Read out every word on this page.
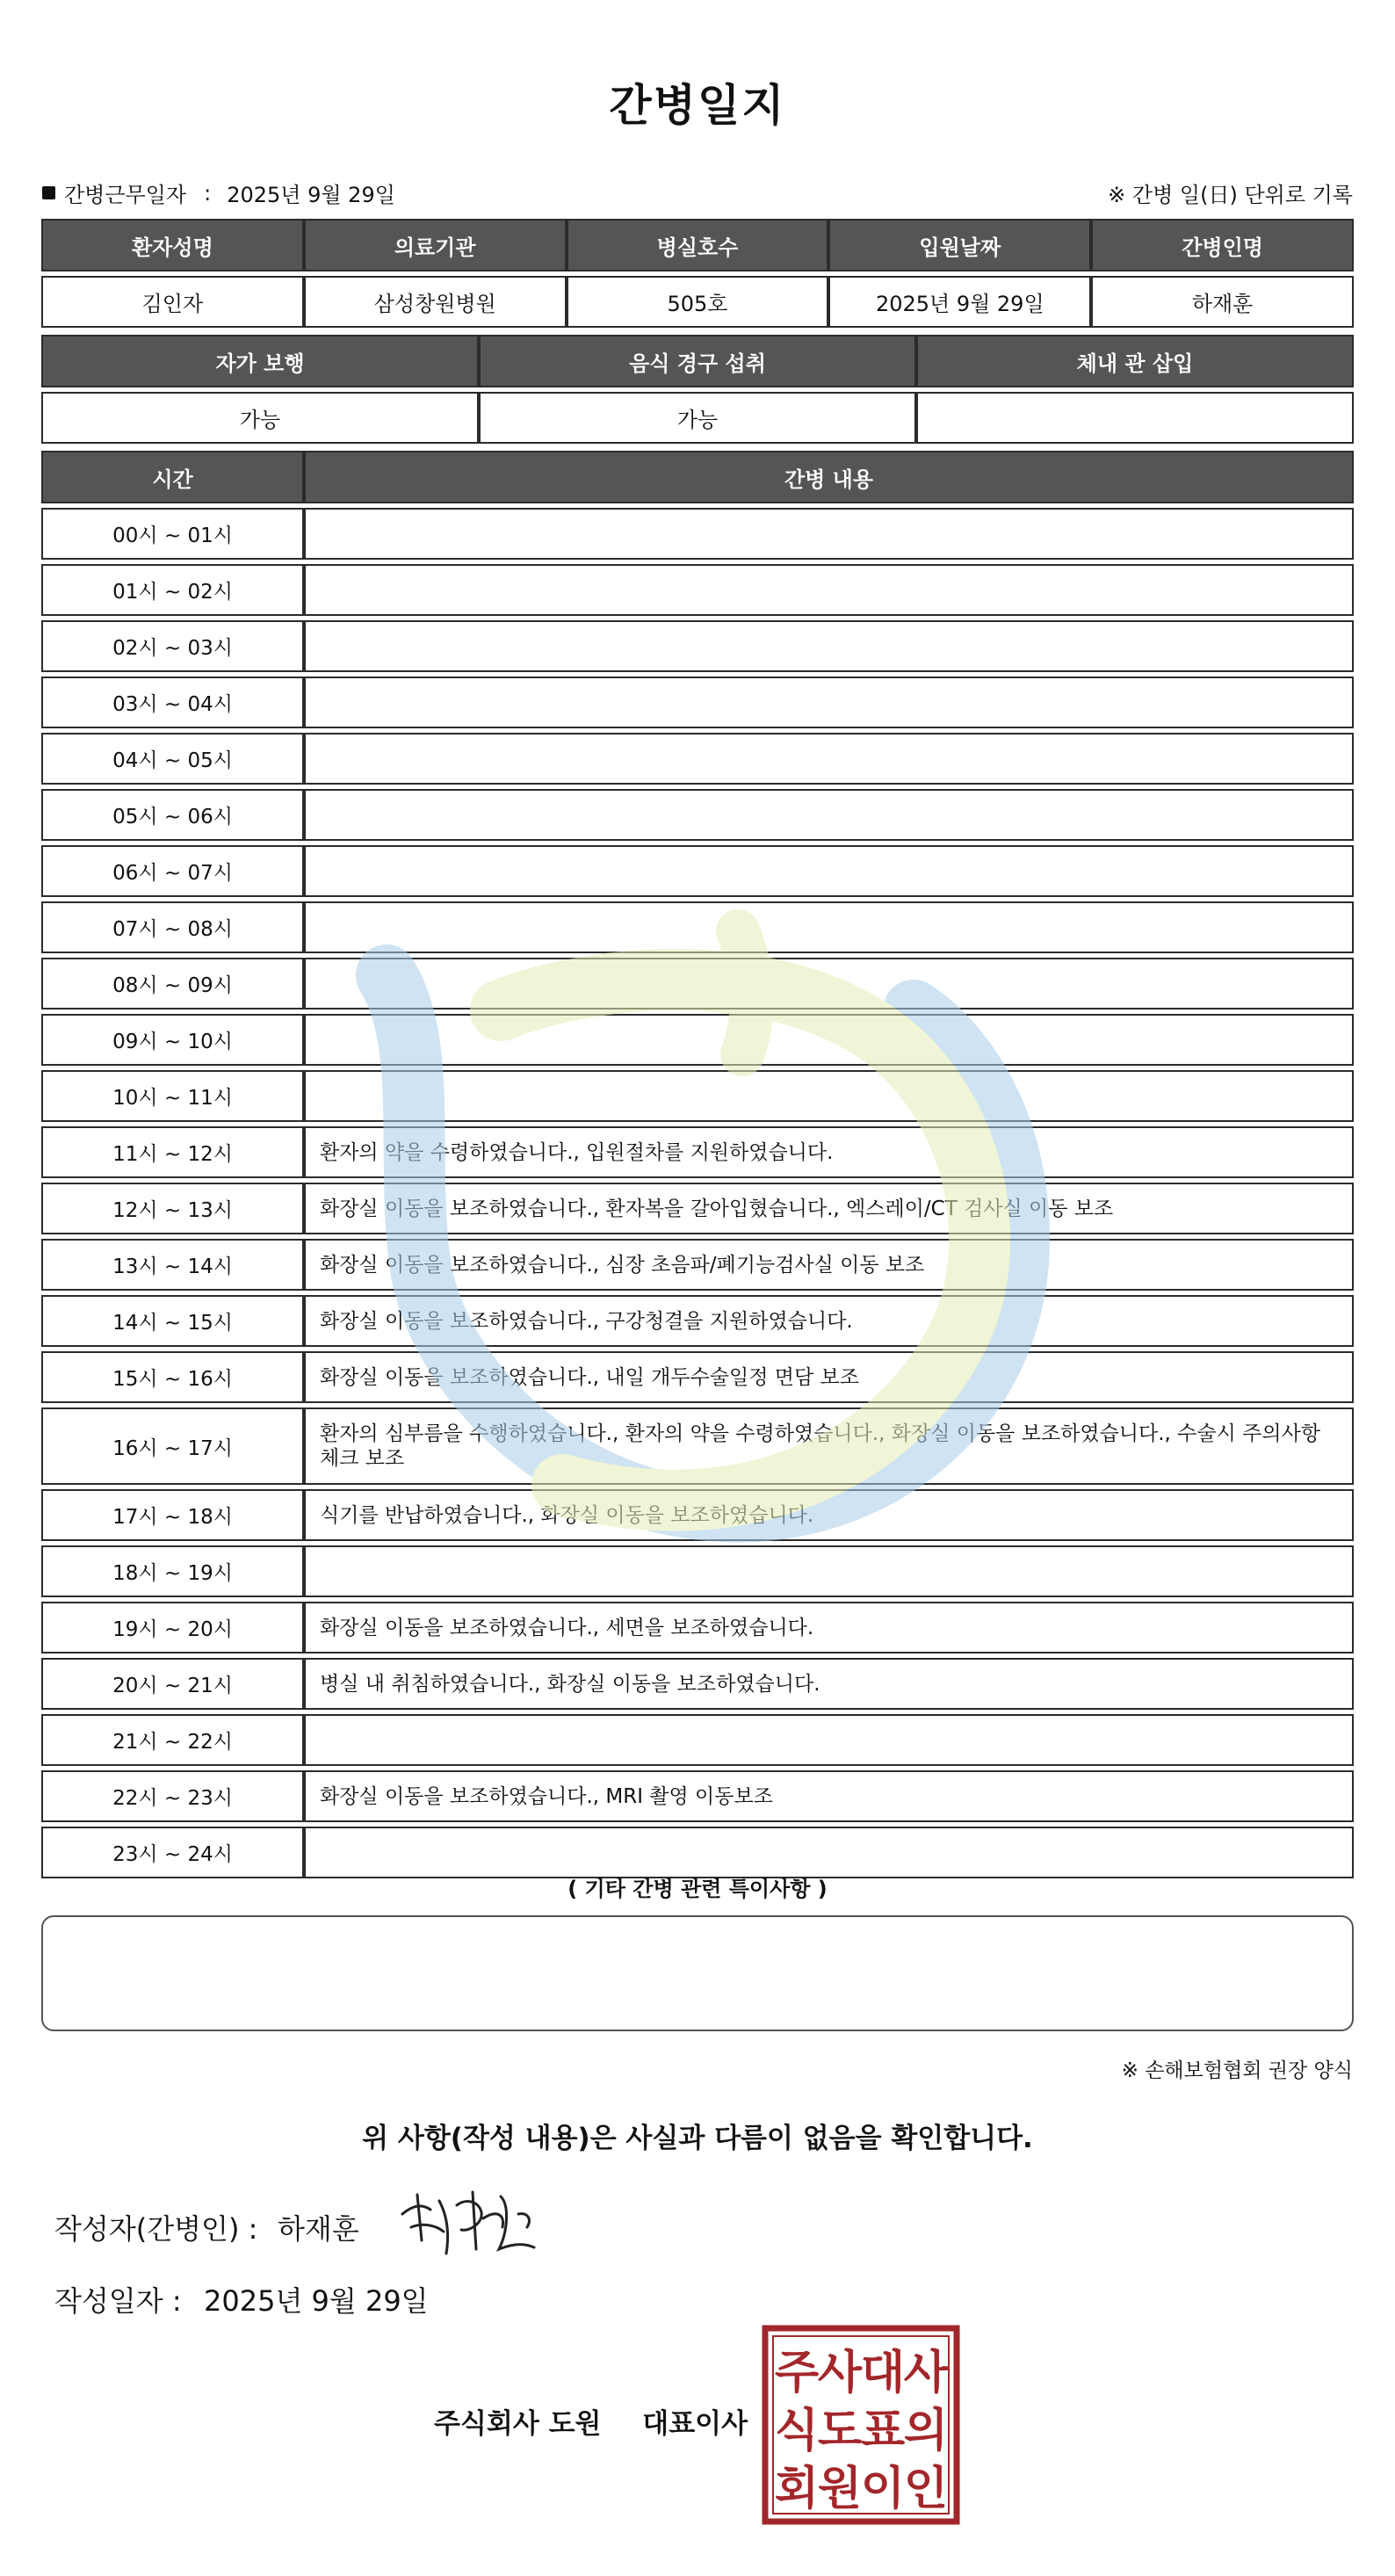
간병일지
간병근무일자 : 2025년 9월 29일	※ 간병 일(日) 단위로 기록
환자성명	의료기관	병실호수	입원날짜	간병인명
김인자	삼성창원병원	505호	2025년 9월 29일	하재훈
자가 보행	음식 경구 섭취	체내 관 삽입
가능	가능	
시간	간병 내용
00시 ~ 01시	
01시 ~ 02시	
02시 ~ 03시	
03시 ~ 04시	
04시 ~ 05시	
05시 ~ 06시	
06시 ~ 07시	
07시 ~ 08시	
08시 ~ 09시	
09시 ~ 10시	
10시 ~ 11시	
11시 ~ 12시	환자의 약을 수령하였습니다., 입원절차를 지원하였습니다.
12시 ~ 13시	화장실 이동을 보조하였습니다., 환자복을 갈아입혔습니다., 엑스레이/CT 검사실 이동 보조
13시 ~ 14시	화장실 이동을 보조하였습니다., 심장 초음파/폐기능검사실 이동 보조
14시 ~ 15시	화장실 이동을 보조하였습니다., 구강청결을 지원하였습니다.
15시 ~ 16시	화장실 이동을 보조하였습니다., 내일 개두수술일정 면담 보조
16시 ~ 17시	환자의 심부름을 수행하였습니다., 환자의 약을 수령하였습니다., 화장실 이동을 보조하였습니다., 수술시 주의사항 체크 보조
17시 ~ 18시	식기를 반납하였습니다., 화장실 이동을 보조하였습니다.
18시 ~ 19시	
19시 ~ 20시	화장실 이동을 보조하였습니다., 세면을 보조하였습니다.
20시 ~ 21시	병실 내 취침하였습니다., 화장실 이동을 보조하였습니다.
21시 ~ 22시	
22시 ~ 23시	화장실 이동을 보조하였습니다., MRI 촬영 이동보조
23시 ~ 24시	
( 기타 간병 관련 특이사항 )
※ 손해보험협회 권장 양식
위 사항(작성 내용)은 사실과 다름이 없음을 확인합니다.
작성자(간병인) : 하재훈
작성일자 : 2025년 9월 29일
주식회사 도원 대표이사
주
식
회
사
도
원
대
표
이
사
의
인
